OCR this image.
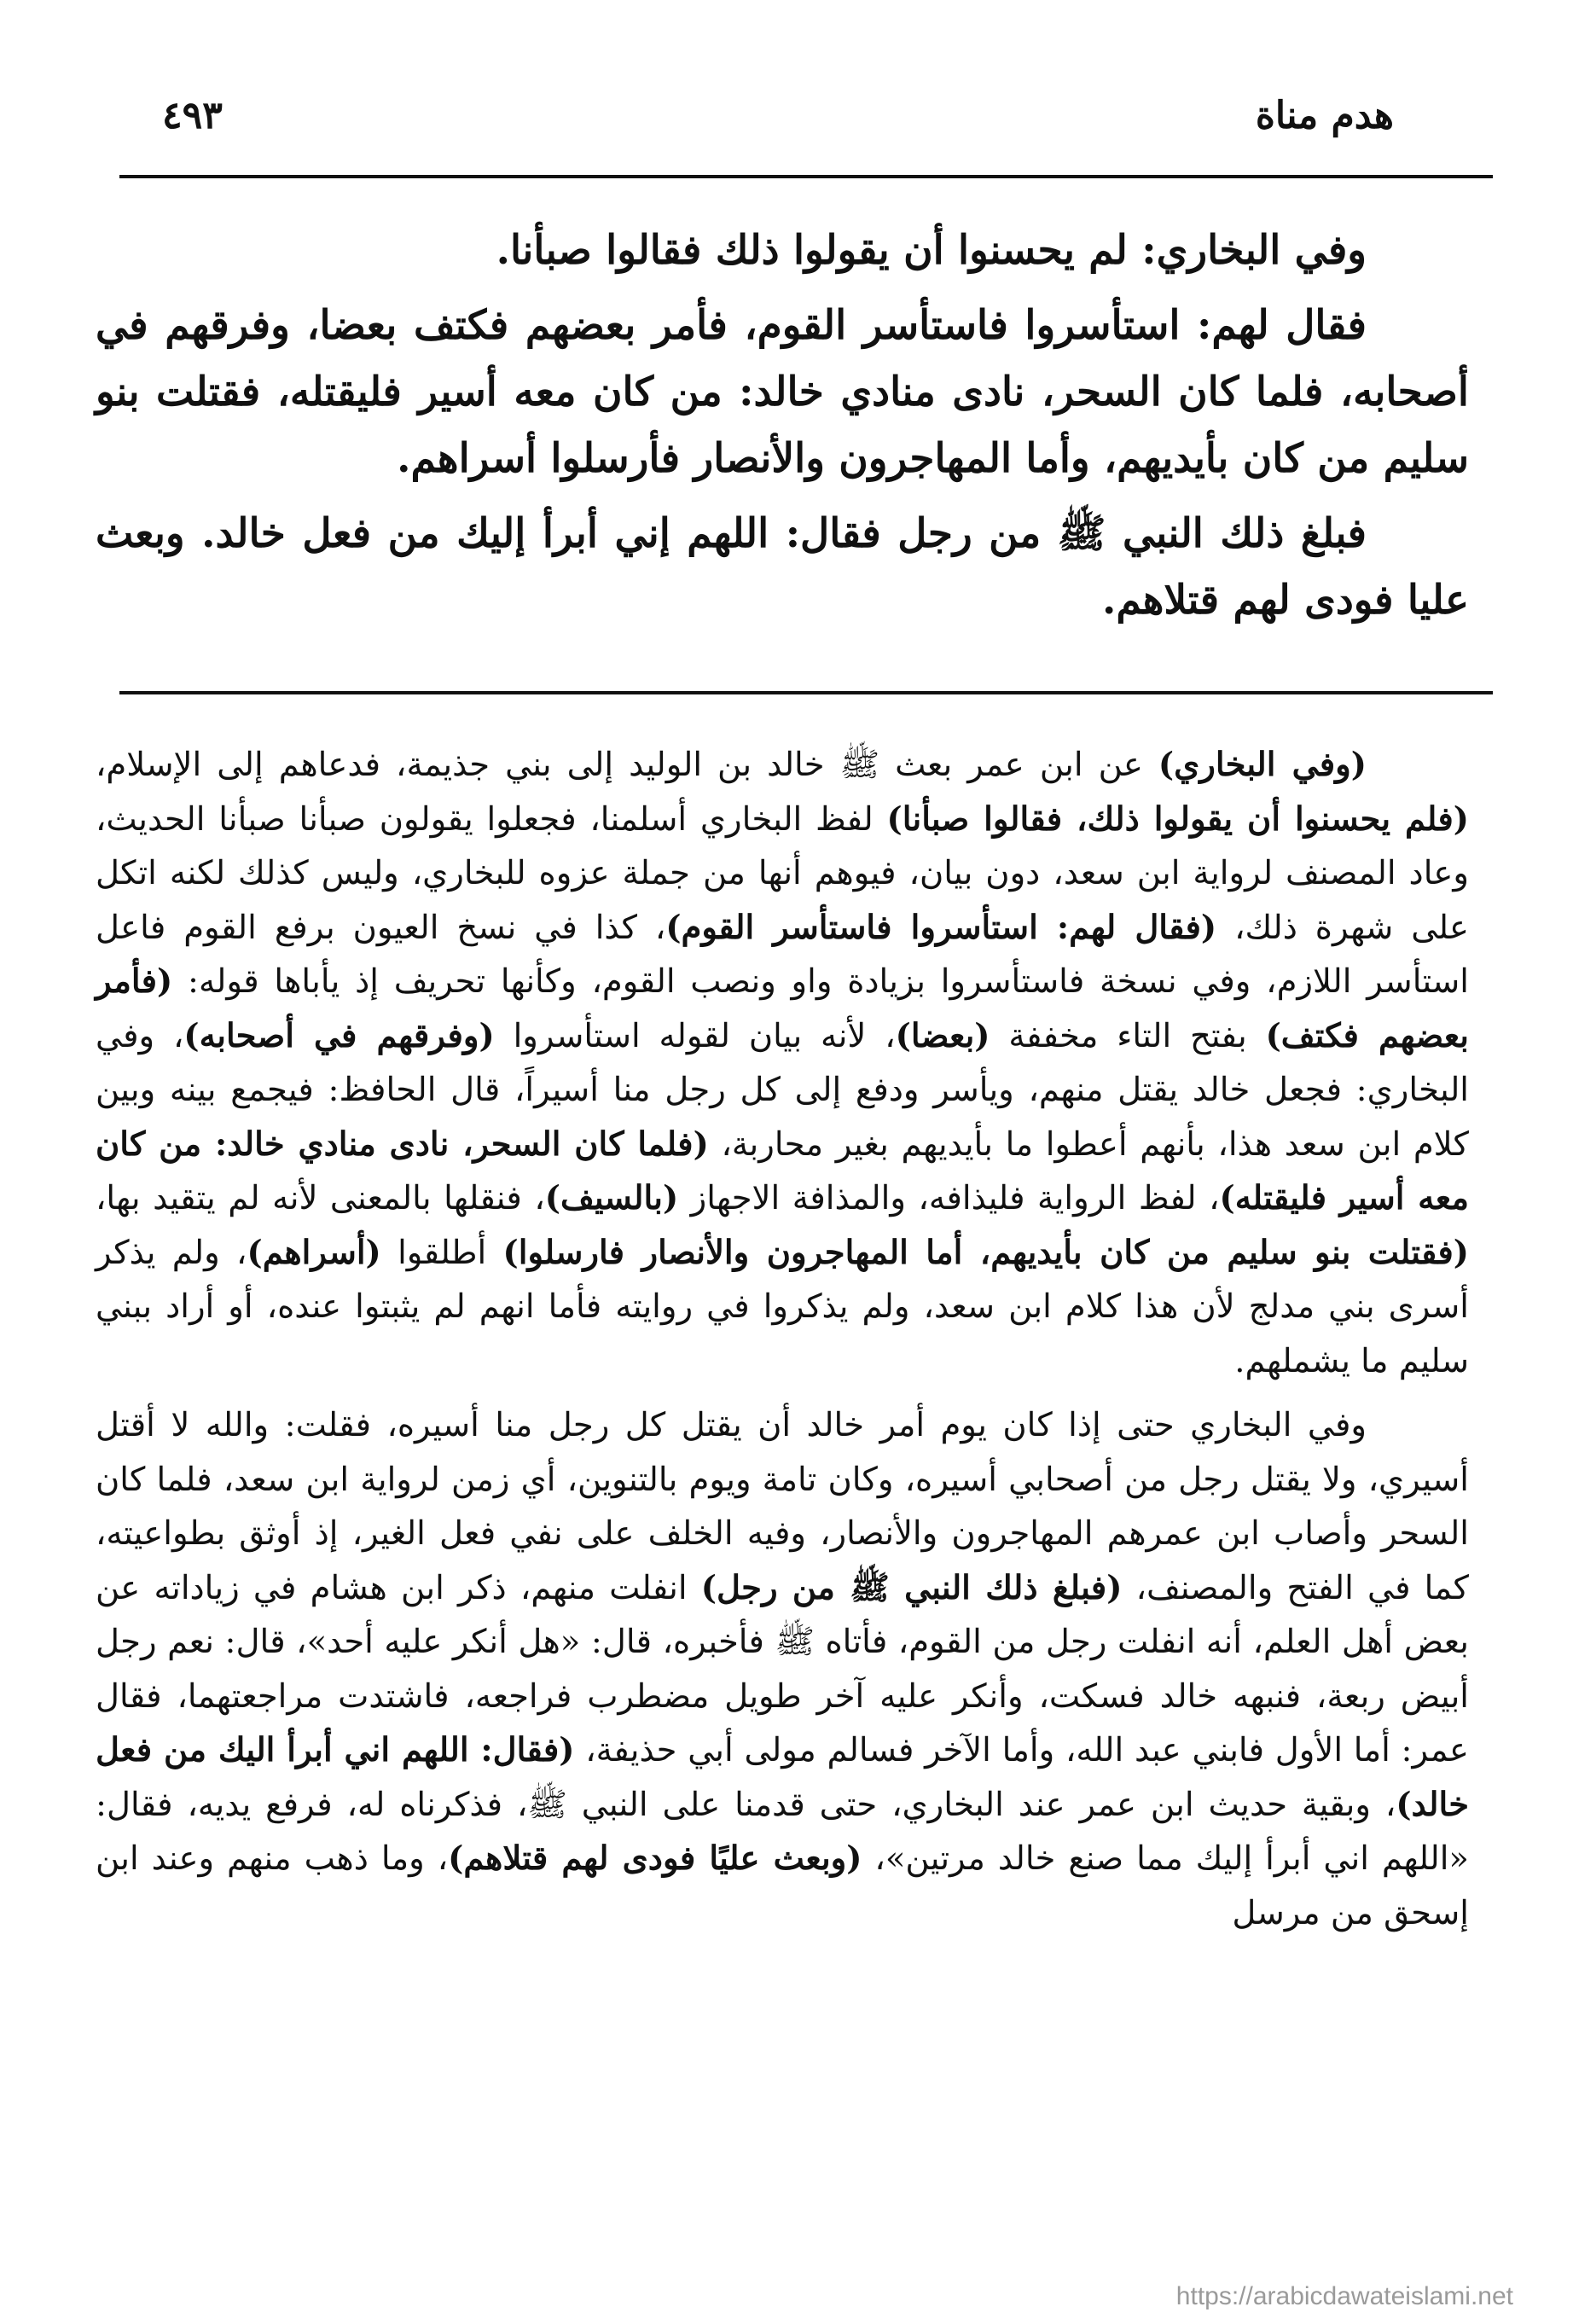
٤٩٣	هدم مناة

وفي البخاري: لم يحسنوا أن يقولوا ذلك فقالوا صبأنا.

فقال لهم: استأسروا فاستأسر القوم، فأمر بعضهم فكتف بعضا، وفرقهم في أصحابه، فلما كان السحر، نادى منادي خالد: من كان معه أسير فليقتله، فقتلت بنو سليم من كان بأيديهم، وأما المهاجرون والأنصار فأرسلوا أسراهم.

فبلغ ذلك النبي ﷺ من رجل فقال: اللهم إني أبرأ إليك من فعل خالد. وبعث عليا فودى لهم قتلاهم.

(وفي البخاري) عن ابن عمر بعث ﷺ خالد بن الوليد إلى بني جذيمة، فدعاهم إلى الإسلام، (فلم يحسنوا أن يقولوا ذلك، فقالوا صبأنا) لفظ البخاري أسلمنا، فجعلوا يقولون صبأنا صبأنا الحديث، وعاد المصنف لرواية ابن سعد، دون بيان، فيوهم أنها من جملة عزوه للبخاري، وليس كذلك لكنه اتكل على شهرة ذلك، (فقال لهم: استأسروا فاستأسر القوم)، كذا في نسخ العيون برفع القوم فاعل استأسر اللازم، وفي نسخة فاستأسروا بزيادة واو ونصب القوم، وكأنها تحريف إذ يأباها قوله: (فأمر بعضهم فكتف) بفتح التاء مخففة (بعضا)، لأنه بيان لقوله استأسروا (وفرقهم في أصحابه)، وفي البخاري: فجعل خالد يقتل منهم، ويأسر ودفع إلى كل رجل منا أسيراً، قال الحافظ: فيجمع بينه وبين كلام ابن سعد هذا، بأنهم أعطوا ما بأيديهم بغير محاربة، (فلما كان السحر، نادى منادي خالد: من كان معه أسير فليقتله)، لفظ الرواية فليذافه، والمذافة الاجهاز (بالسيف)، فنقلها بالمعنى لأنه لم يتقيد بها، (فقتلت بنو سليم من كان بأيديهم، أما المهاجرون والأنصار فارسلوا) أطلقوا (أسراهم)، ولم يذكر أسرى بني مدلج لأن هذا كلام ابن سعد، ولم يذكروا في روايته فأما انهم لم يثبتوا عنده، أو أراد ببني سليم ما يشملهم.

وفي البخاري حتى إذا كان يوم أمر خالد أن يقتل كل رجل منا أسيره، فقلت: والله لا أقتل أسيري، ولا يقتل رجل من أصحابي أسيره، وكان تامة ويوم بالتنوين، أي زمن لرواية ابن سعد، فلما كان السحر وأصاب ابن عمرهم المهاجرون والأنصار، وفيه الخلف على نفي فعل الغير، إذ أوثق بطواعيته، كما في الفتح والمصنف، (فبلغ ذلك النبي ﷺ من رجل) انفلت منهم، ذكر ابن هشام في زياداته عن بعض أهل العلم، أنه انفلت رجل من القوم، فأتاه ﷺ فأخبره، قال: «هل أنكر عليه أحد»، قال: نعم رجل أبيض ربعة، فنبهه خالد فسكت، وأنكر عليه آخر طويل مضطرب فراجعه، فاشتدت مراجعتهما، فقال عمر: أما الأول فابني عبد الله، وأما الآخر فسالم مولى أبي حذيفة، (فقال: اللهم اني أبرأ اليك من فعل خالد)، وبقية حديث ابن عمر عند البخاري، حتى قدمنا على النبي ﷺ، فذكرناه له، فرفع يديه، فقال: «اللهم اني أبرأ إليك مما صنع خالد مرتين»، (وبعث عليًا فودى لهم قتلاهم)، وما ذهب منهم وعند ابن إسحق من مرسل

https://arabicdawateislami.net
